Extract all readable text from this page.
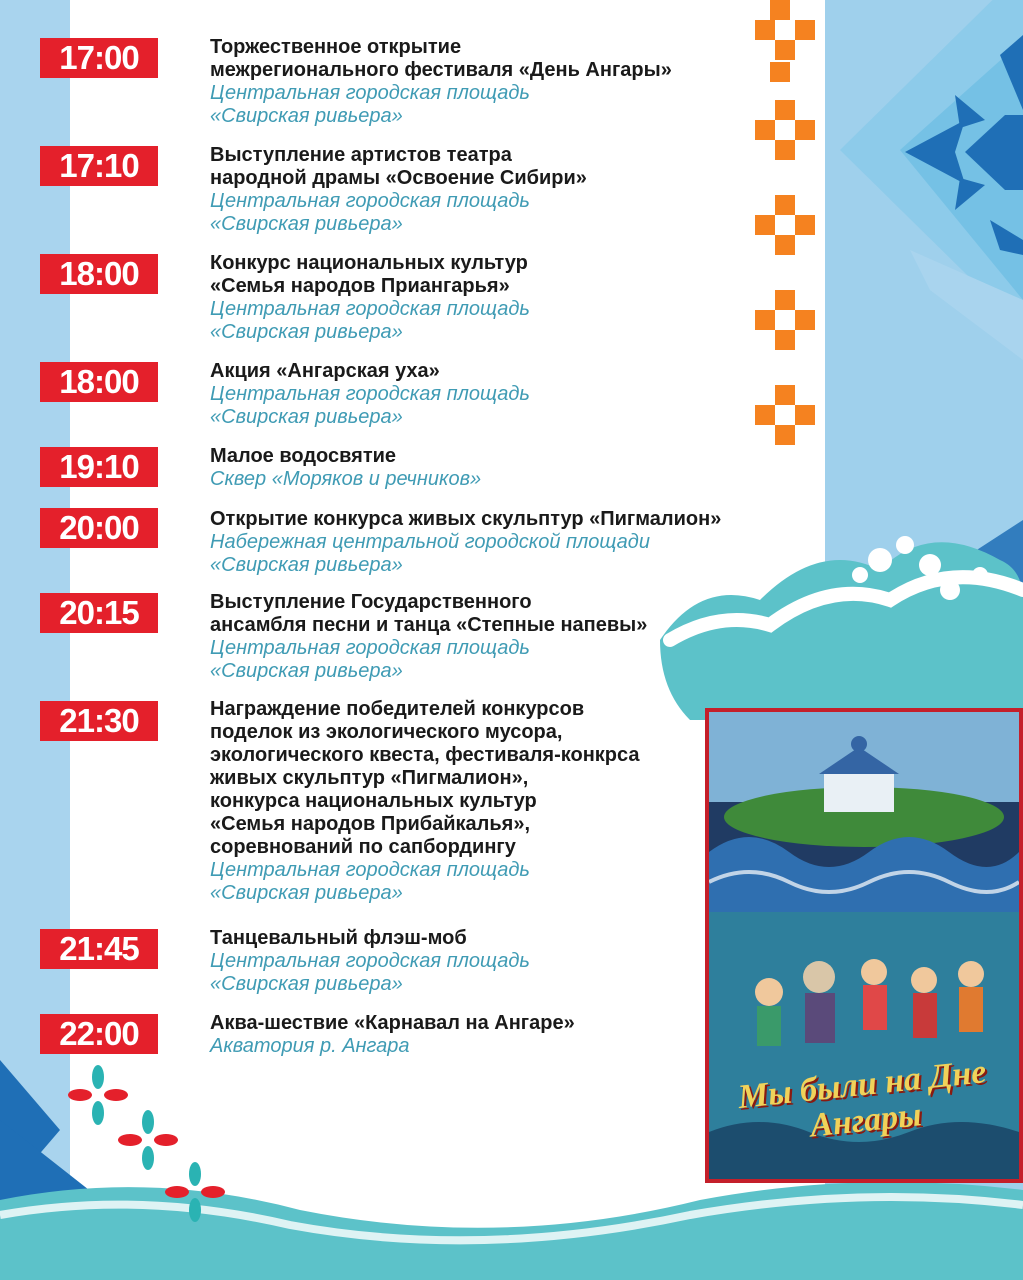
Мы были на Дне Ангары
17:00	Торжественное открытие
межрегионального фестиваля «День Ангары»
Центральная городская площадь
«Свирская ривьера»
17:10	Выступление артистов театра
народной драмы «Освоение Сибири»
Центральная городская площадь
«Свирская ривьера»
18:00	Конкурс национальных культур
«Семья народов Приангарья»
Центральная городская площадь
«Свирская ривьера»
18:00	Акция «Ангарская уха»
Центральная городская площадь
«Свирская ривьера»
19:10	Малое водосвятие
Сквер «Моряков и речников»
20:00	Открытие конкурса живых скульптур «Пигмалион»
Набережная центральной городской площади
«Свирская ривьера»
20:15	Выступление Государственного
ансамбля песни и танца «Степные напевы»
Центральная городская площадь
«Свирская ривьера»
21:30	Награждение победителей конкурсов
поделок из экологического мусора,
экологического квеста, фестиваля-конкрса
живых скульптур «Пигмалион»,
конкурса национальных культур
«Семья народов Прибайкалья»,
соревнований по сапбордингу
Центральная городская площадь
«Свирская ривьера»
21:45	Танцевальный флэш-моб
Центральная городская площадь
«Свирская ривьера»
22:00	Аква-шествие «Карнавал на Ангаре»
Акватория р. Ангара
